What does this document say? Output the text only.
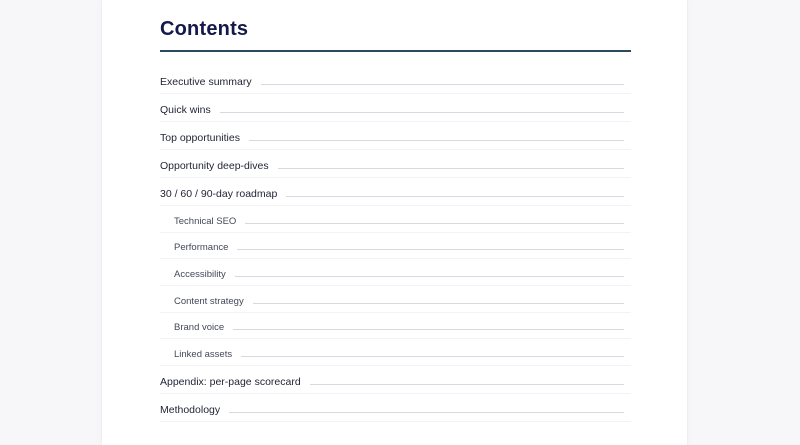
Contents
Executive summary
Quick wins
Top opportunities
Opportunity deep-dives
30 / 60 / 90-day roadmap
Technical SEO
Performance
Accessibility
Content strategy
Brand voice
Linked assets
Appendix: per-page scorecard
Methodology
